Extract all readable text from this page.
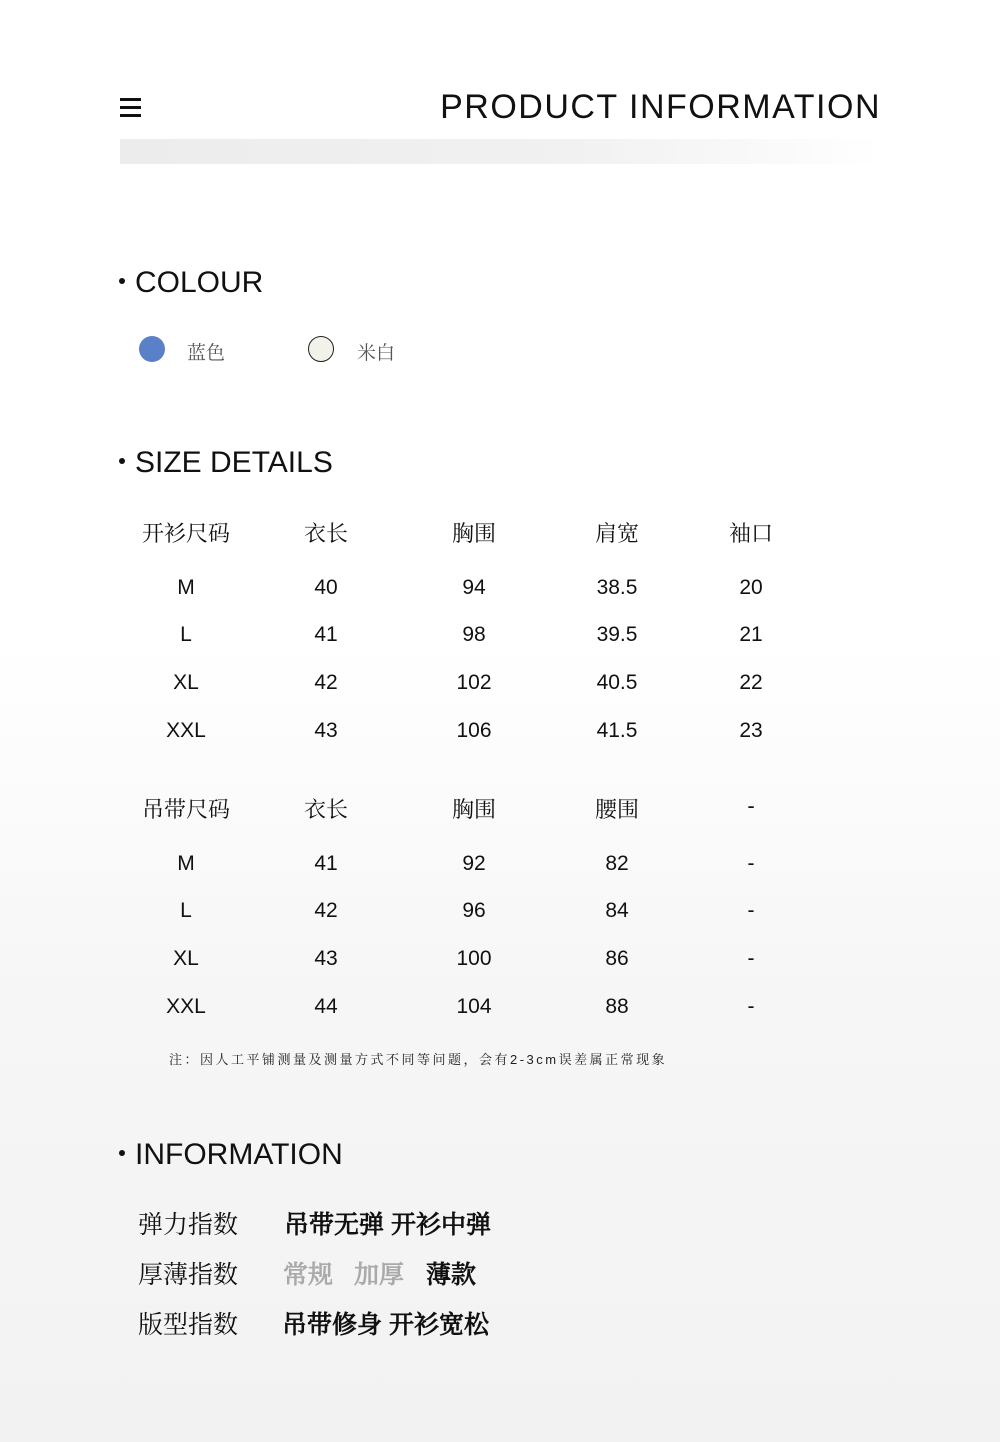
PRODUCT INFORMATION
COLOUR
蓝色	米白
SIZE DETAILS
开衫尺码	衣长	胸围	肩宽	袖口
M	40	94	38.5	20
L	41	98	39.5	21
XL	42	102	40.5	22
XXL	43	106	41.5	23
吊带尺码	衣长	胸围	腰围	-
M	41	92	82	-
L	42	96	84	-
XL	43	100	86	-
XXL	44	104	88	-
注：因人工平铺测量及测量方式不同等问题，会有2-3cm误差属正常现象
INFORMATION
弹力指数 吊带无弹 开衫中弹
厚薄指数 常规 加厚 薄款
版型指数 吊带修身 开衫宽松
